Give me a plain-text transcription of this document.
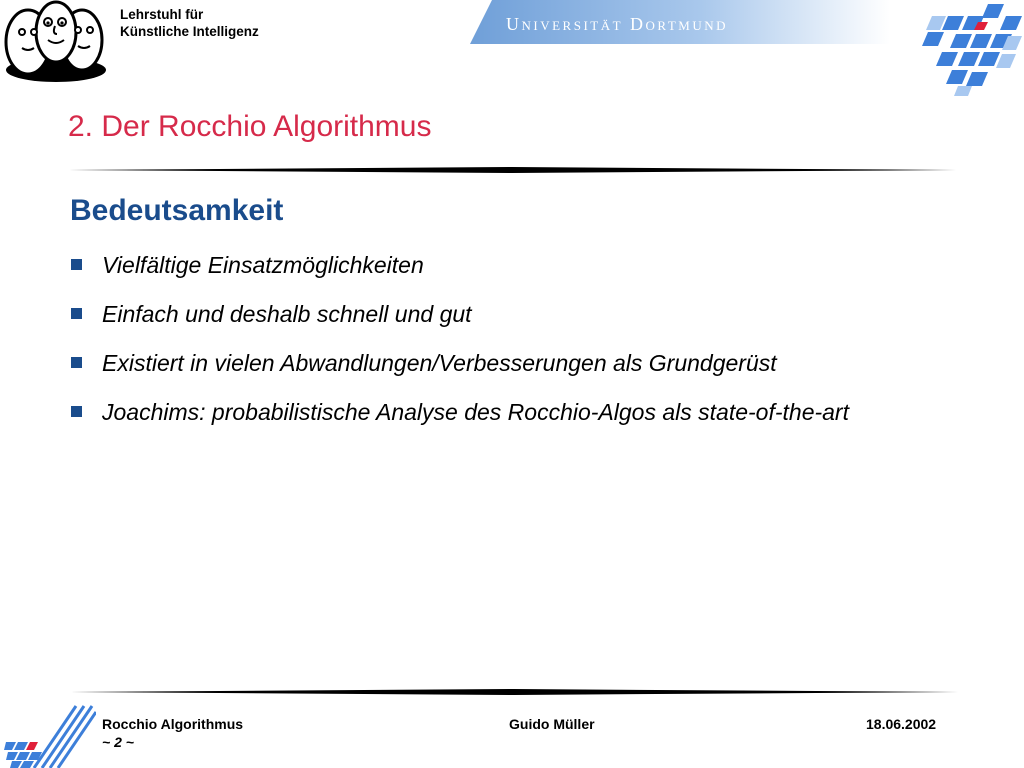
Lehrstuhl für
Künstliche Intelligenz	Universität Dortmund
2. Der Rocchio Algorithmus
Bedeutsamkeit
Vielfältige Einsatzmöglichkeiten
Einfach und deshalb schnell und gut
Existiert in vielen Abwandlungen/Verbesserungen als Grundgerüst
Joachims: probabilistische Analyse des Rocchio-Algos als state-of-the-art
Rocchio Algorithmus
~ 2 ~
Guido Müller	18.06.2002
